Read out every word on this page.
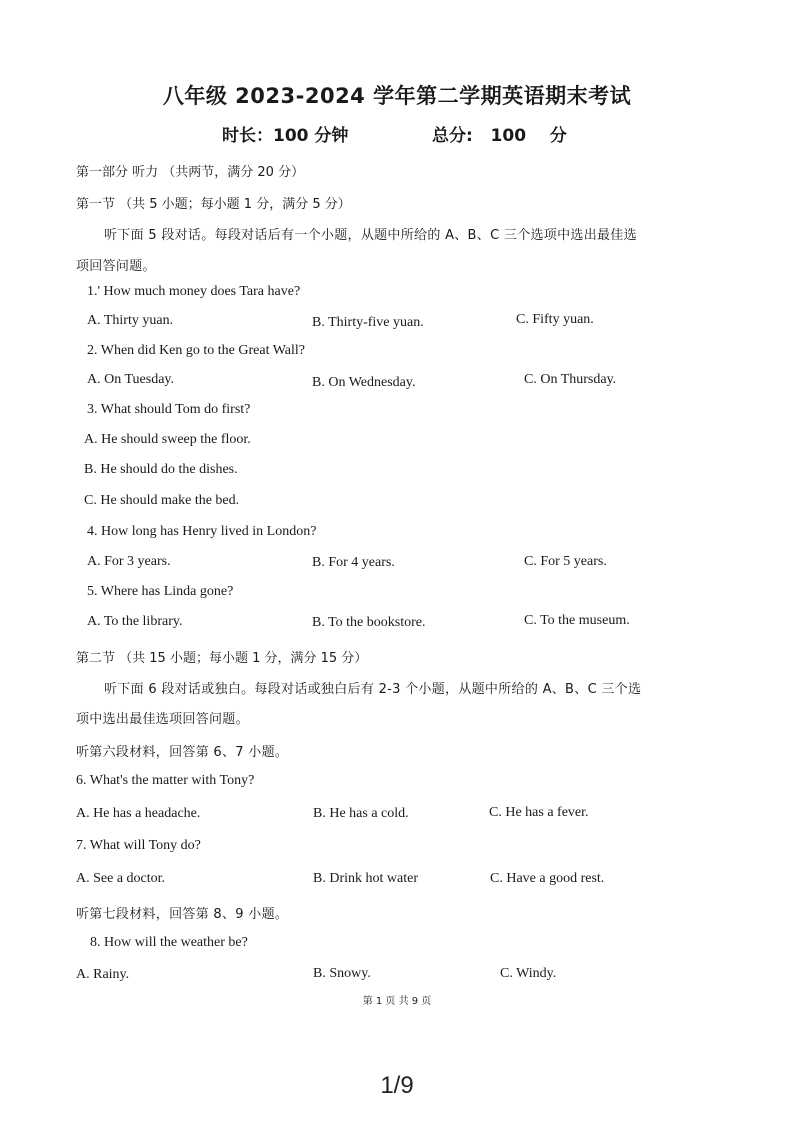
八年级 2023-2024 学年第二学期英语期末考试
时长：100 分钟	总分:   100    分
第一部分 听力 （共两节，满分 20 分）
第一节 （共 5 小题；每小题 1 分，满分 5 分）
听下面 5 段对话。每段对话后有一个小题，从题中所给的 A、B、C 三个选项中选出最佳选
项回答问题。
1.' How much money does Tara have?
A. Thirty yuan.	B. Thirty-five yuan.	C. Fifty yuan.
2. When did Ken go to the Great Wall?
A. On Tuesday.	B. On Wednesday.	C. On Thursday.
3. What should Tom do first?
A. He should sweep the floor.
B. He should do the dishes.
C. He should make the bed.
4. How long has Henry lived in London?
A. For 3 years.	B. For 4 years.	C. For 5 years.
5. Where has Linda gone?
A. To the library.	B. To the bookstore.	C. To the museum.
第二节 （共 15 小题；每小题 1 分，满分 15 分）
听下面 6 段对话或独白。每段对话或独白后有 2-3 个小题，从题中所给的 A、B、C 三个选
项中选出最佳选项回答问题。
听第六段材料，回答第 6、7 小题。
6. What's the matter with Tony?
A. He has a headache.	B. He has a cold.	C. He has a fever.
7. What will Tony do?
A. See a doctor.	B. Drink hot water	C. Have a good rest.
听第七段材料，回答第 8、9 小题。
8. How will the weather be?
A. Rainy.	B. Snowy.	C. Windy.
第 1 页 共 9 页
1/9
